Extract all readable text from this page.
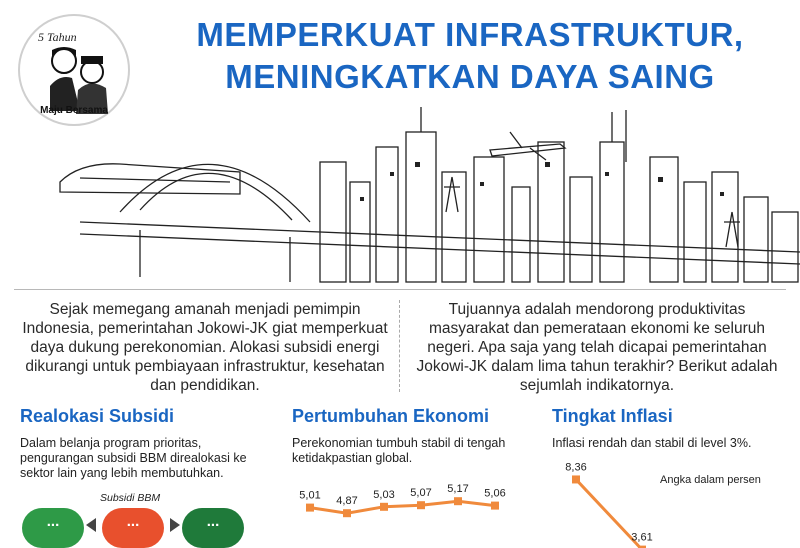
5 Tahun
Maju Bersama
MEMPERKUAT INFRASTRUKTUR,
MENINGKATKAN DAYA SAING

Sejak memegang amanah menjadi pemimpin Indonesia, pemerintahan Jokowi-JK giat memperkuat daya dukung perekonomian. Alokasi subsidi energi dikurangi untuk pembiayaan infrastruktur, kesehatan dan pendidikan.

Tujuannya adalah mendorong produktivitas masyarakat dan pemerataan ekonomi ke seluruh negeri. Apa saja yang telah dicapai pemerintahan Jokowi-JK dalam lima tahun terakhir? Berikut adalah sejumlah indikatornya.

Realokasi Subsidi

Dalam belanja program prioritas, pengurangan subsidi BBM direalokasi ke sektor lain yang lebih membutuhkan.

Subsidi BBM
...	...	...
Pertumbuhan Ekonomi

Perekonomian tumbuh stabil di tengah ketidakpastian global.

5,01 4,87
5,03 5,07 5,17 5,06
Tingkat Inflasi

Inflasi rendah dan stabil di level 3%.

Angka dalam persen
8,36
3,61
